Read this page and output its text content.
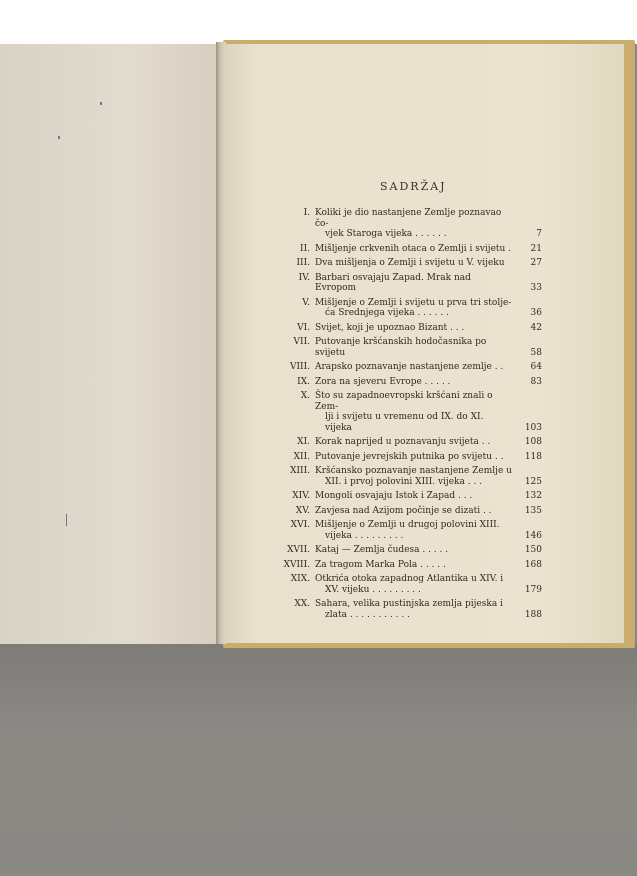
SADRŽAJ
I. Koliki je dio nastanjene Zemlje poznavao čo-
vjek Staroga vijeka . . . . . .	7
II. Mišljenje crkvenih otaca o Zemlji i svijetu .	21
III. Dva mišljenja o Zemlji i svijetu u V. vijeku	27
IV. Barbari osvajaju Zapad. Mrak nad Evropom	33
V. Mišljenje o Zemlji i svijetu u prva tri stolje-
ća Srednjega vijeka . . . . . .	36
VI. Svijet, koji je upoznao Bizant . . .	42
VII. Putovanje kršćanskih hodočasnika po svijetu	58
VIII. Arapsko poznavanje nastanjene zemlje . .	64
IX. Zora na sjeveru Evrope . . . . .	83
X. Što su zapadnoevropski kršćani znali o Zem-
lji i svijetu u vremenu od IX. do XI. vijeka	103
XI. Korak naprijed u poznavanju svijeta . .	108
XII. Putovanje jevrejskih putnika po svijetu . .	118
XIII. Kršćansko poznavanje nastanjene Zemlje u
XII. i prvoj polovini XIII. vijeka . . .	125
XIV. Mongoli osvajaju Istok i Zapad . . .	132
XV. Zavjesa nad Azijom počinje se dizati . .	135
XVI. Mišljenje o Zemlji u drugoj polovini XIII.
vijeka . . . . . . . . .	146
XVII. Kataj — Zemlja čudesa . . . . .	150
XVIII. Za tragom Marka Pola . . . . .	168
XIX. Otkrića otoka zapadnog Atlantika u XIV. i
XV. vijeku . . . . . . . . .	179
XX. Sahara, velika pustinjska zemlja pijeska i
zlata . . . . . . . . . . .	188
